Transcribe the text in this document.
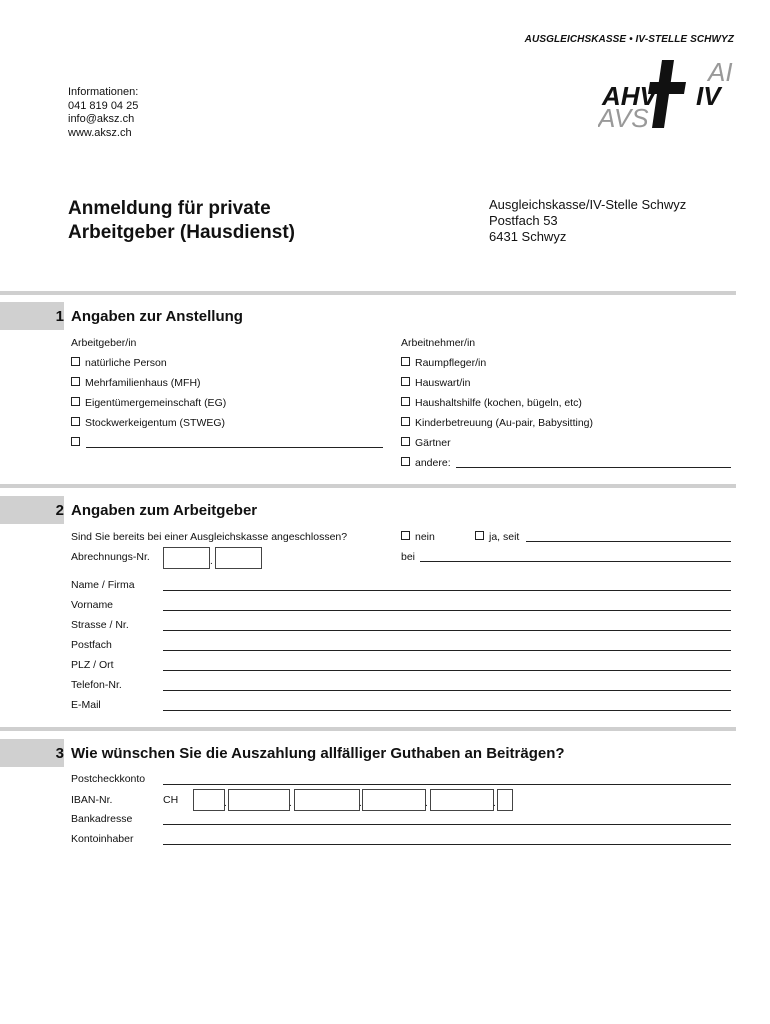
AUSGLEICHSKASSE • IV-STELLE SCHWYZ
Informationen:
041 819 04 25
info@aksz.ch
www.aksz.ch
AI
IV
AHV
AVS
Anmeldung für private
Arbeitgeber (Hausdienst)
Ausgleichskasse/IV-Stelle Schwyz
Postfach 53
6431 Schwyz
1 Angaben zur Anstellung
Arbeitgeber/in
natürliche Person
Mehrfamilienhaus (MFH)
Eigentümergemeinschaft (EG)
Stockwerkeigentum (STWEG)
Arbeitnehmer/in
Raumpfleger/in
Hauswart/in
Haushaltshilfe (kochen, bügeln, etc)
Kinderbetreuung (Au-pair, Babysitting)
Gärtner
andere:
2 Angaben zum Arbeitgeber
Sind Sie bereits bei einer Ausgleichskasse angeschlossen?	nein	ja, seit
Abrechnungs-Nr.	.	bei
Name / Firma
Vorname
Strasse / Nr.
Postfach
PLZ / Ort
Telefon-Nr.
E-Mail
3 Wie wünschen Sie die Auszahlung allfälliger Guthaben an Beiträgen?
Postcheckkonto
IBAN-Nr.	CH	.	.	.	.	.
Bankadresse
Kontoinhaber
